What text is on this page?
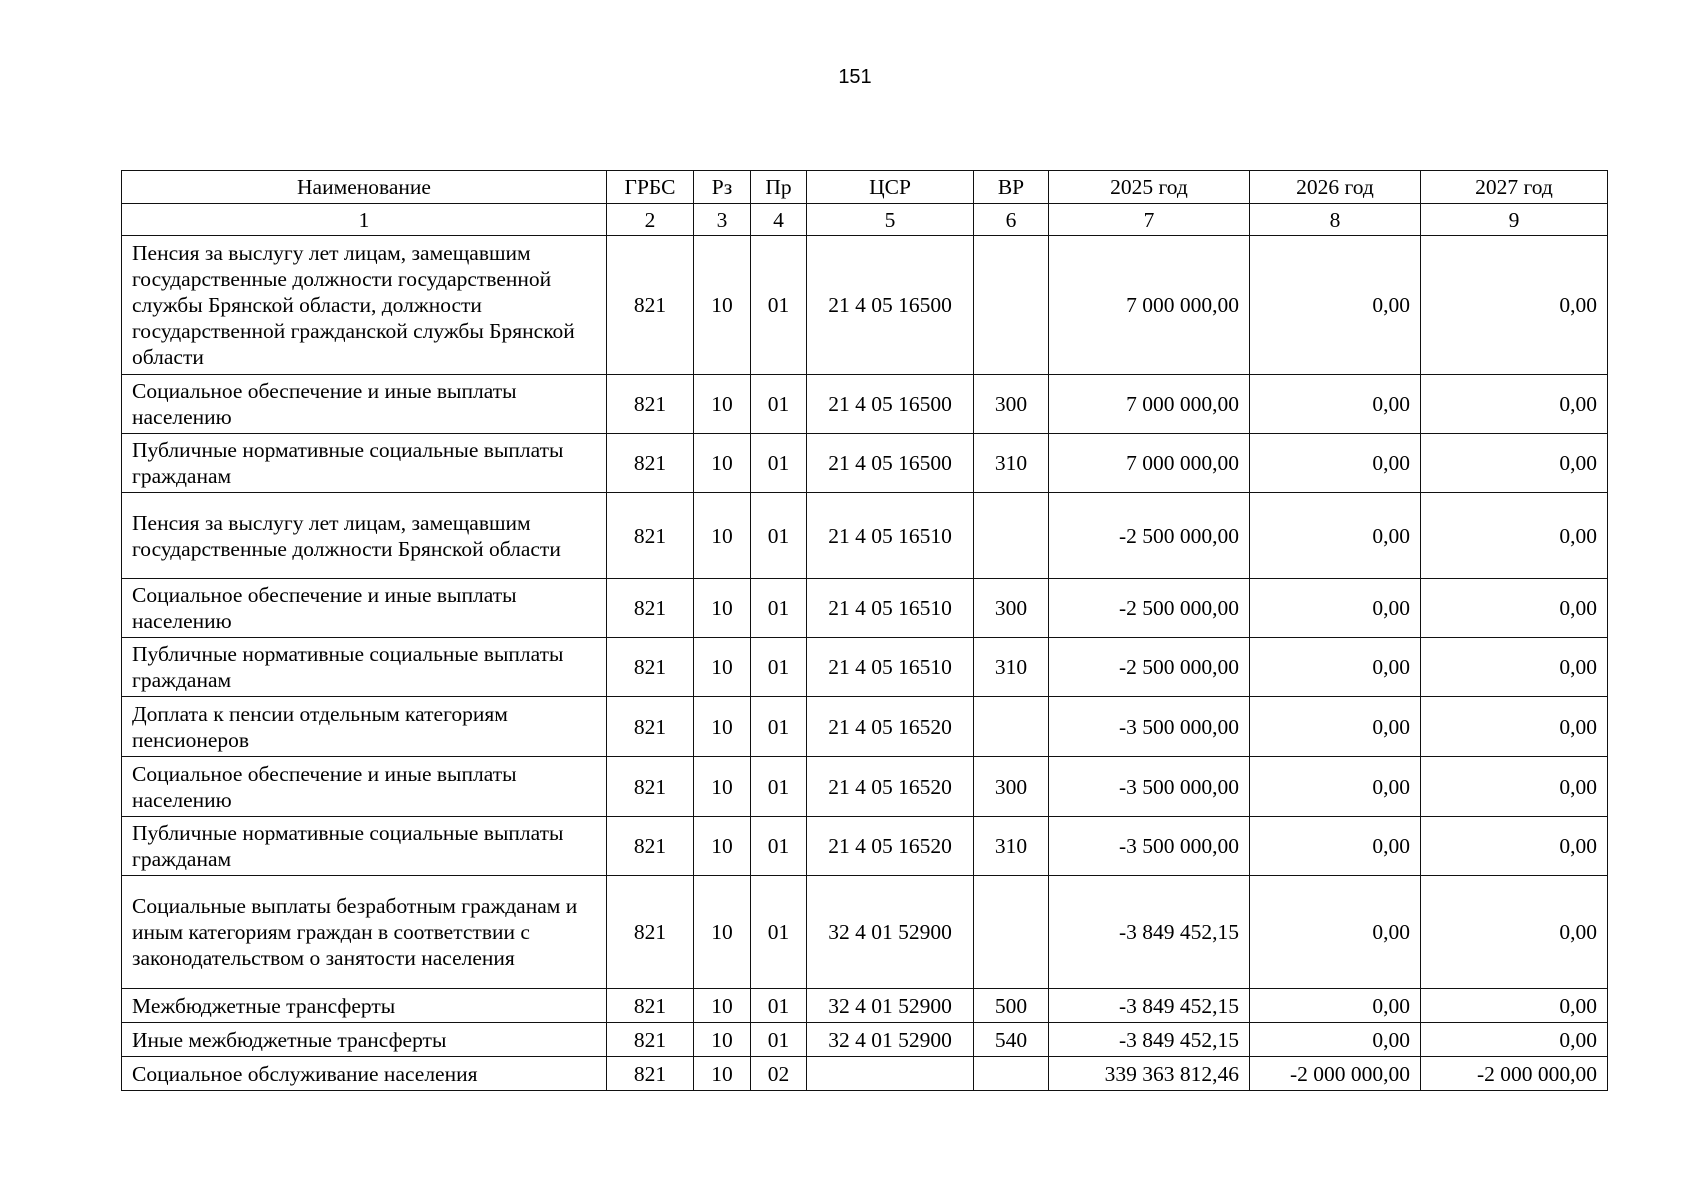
151
Наименование	ГРБС	Рз	Пр	ЦСР	ВР	2025 год	2026 год	2027 год
1	2	3	4	5	6	7	8	9
Пенсия за выслугу лет лицам, замещавшим государственные должности государственной службы Брянской области, должности государственной гражданской службы Брянской области	821	10	01	21 4 05 16500		7 000 000,00	0,00	0,00
Социальное обеспечение и иные выплаты населению	821	10	01	21 4 05 16500	300	7 000 000,00	0,00	0,00
Публичные нормативные социальные выплаты гражданам	821	10	01	21 4 05 16500	310	7 000 000,00	0,00	0,00
Пенсия за выслугу лет лицам, замещавшим государственные должности Брянской области	821	10	01	21 4 05 16510		-2 500 000,00	0,00	0,00
Социальное обеспечение и иные выплаты населению	821	10	01	21 4 05 16510	300	-2 500 000,00	0,00	0,00
Публичные нормативные социальные выплаты гражданам	821	10	01	21 4 05 16510	310	-2 500 000,00	0,00	0,00
Доплата к пенсии отдельным категориям пенсионеров	821	10	01	21 4 05 16520		-3 500 000,00	0,00	0,00
Социальное обеспечение и иные выплаты населению	821	10	01	21 4 05 16520	300	-3 500 000,00	0,00	0,00
Публичные нормативные социальные выплаты гражданам	821	10	01	21 4 05 16520	310	-3 500 000,00	0,00	0,00
Социальные выплаты безработным гражданам и иным категориям граждан в соответствии с законодательством о занятости населения	821	10	01	32 4 01 52900		-3 849 452,15	0,00	0,00
Межбюджетные трансферты	821	10	01	32 4 01 52900	500	-3 849 452,15	0,00	0,00
Иные межбюджетные трансферты	821	10	01	32 4 01 52900	540	-3 849 452,15	0,00	0,00
Социальное обслуживание населения	821	10	02			339 363 812,46	-2 000 000,00	-2 000 000,00
